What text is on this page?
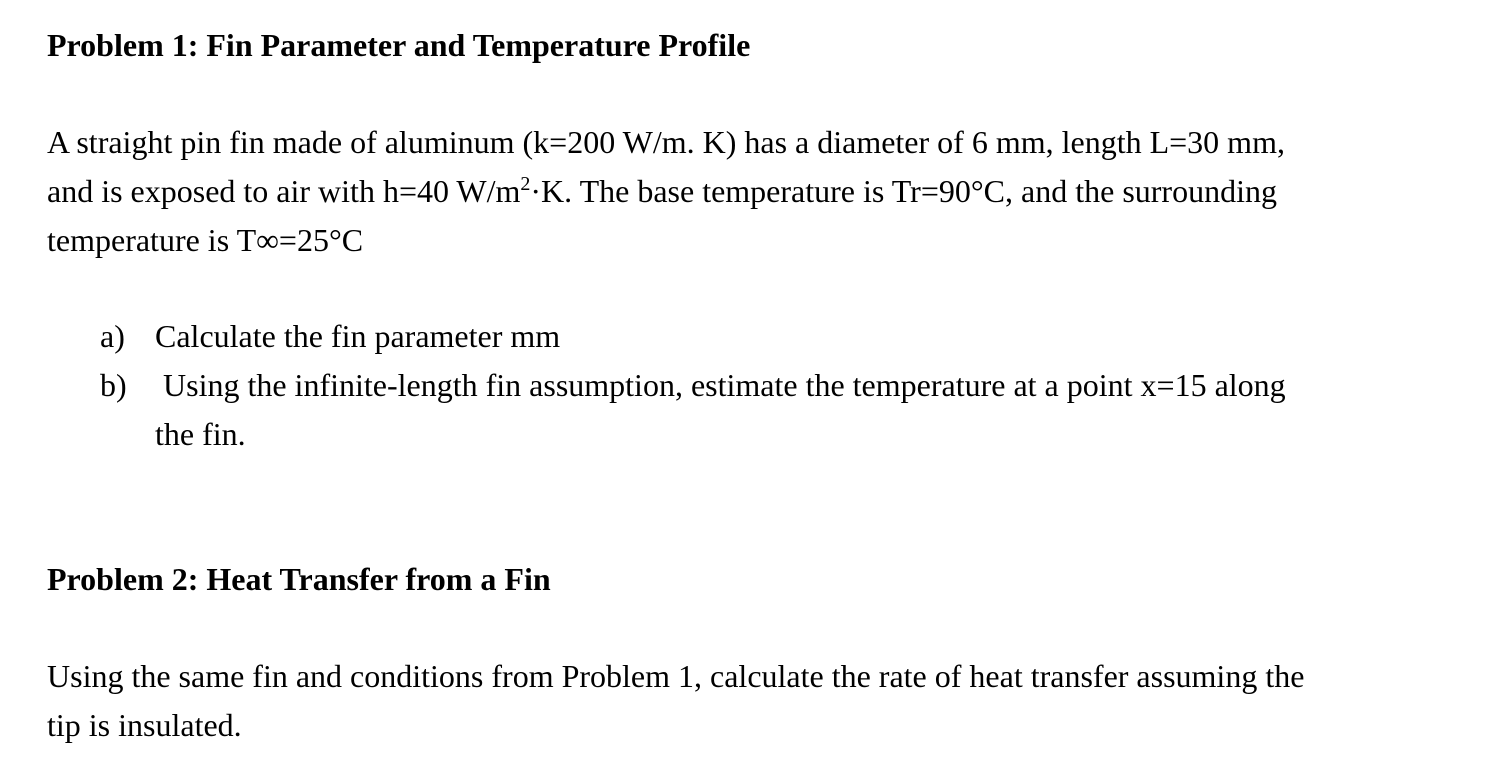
Problem 1: Fin Parameter and Temperature Profile
A straight pin fin made of aluminum (k=200 W/m. K) has a diameter of 6 mm, length L=30 mm,
and is exposed to air with h=40 $W/m^2\cdot K$. The base temperature is Tr=90°C, and the surrounding
temperature is T∞=25°C
a) Calculate the fin parameter mm
b) Using the infinite-length fin assumption, estimate the temperature at a point x=15 along
the fin.
Problem 2: Heat Transfer from a Fin
Using the same fin and conditions from Problem 1, calculate the rate of heat transfer assuming the
tip is insulated.
